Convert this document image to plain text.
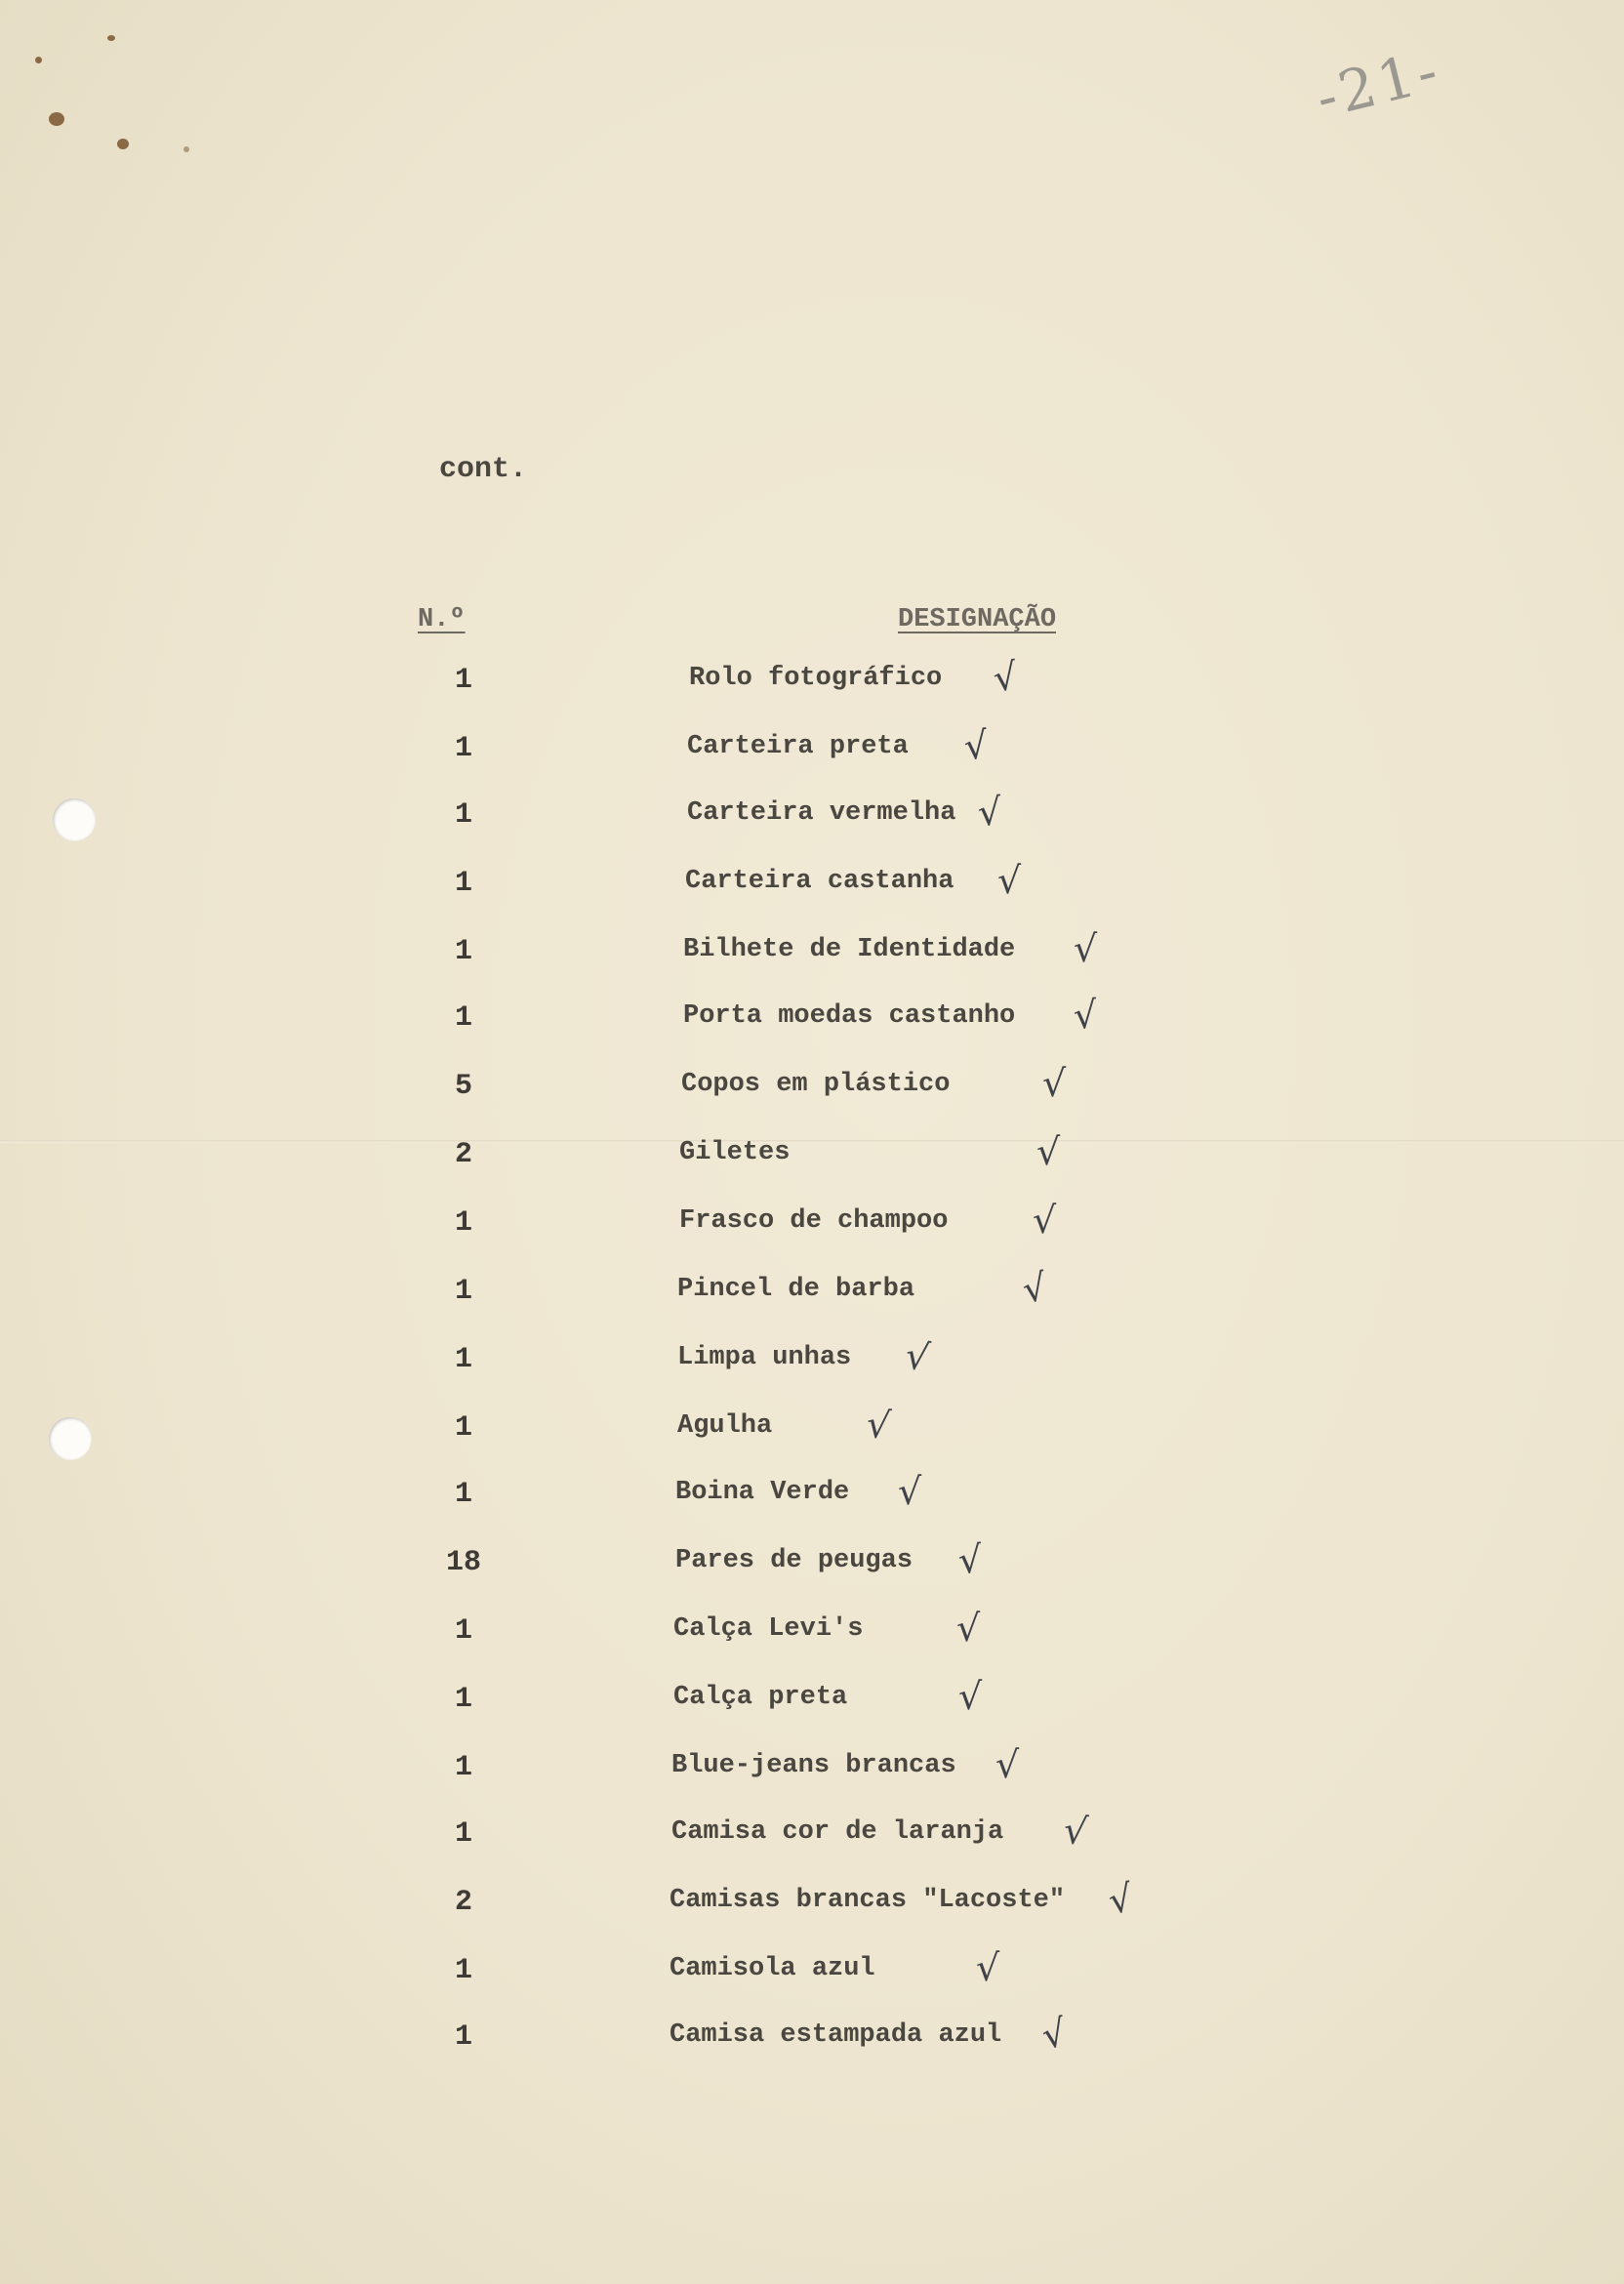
-21-
cont.
N.º	DESIGNAÇÃO
1	Rolo fotográfico √
1	Carteira preta √
1	Carteira vermelha √
1	Carteira castanha √
1	Bilhete de Identidade √
1	Porta moedas castanho √
5	Copos em plástico √
2	Giletes	√
1	Frasco de champoo √
1	Pincel de barba	√
1	Limpa unhas √
1	Agulha √
1	Boina Verde √
18	Pares de peugas √
1	Calça Levi's	√
1	Calça preta	√
1	Blue-jeans brancas √
1	Camisa cor de laranja √
2	Camisas brancas "Lacoste" √
1	Camisola azul	√
1	Camisa estampada azul √
